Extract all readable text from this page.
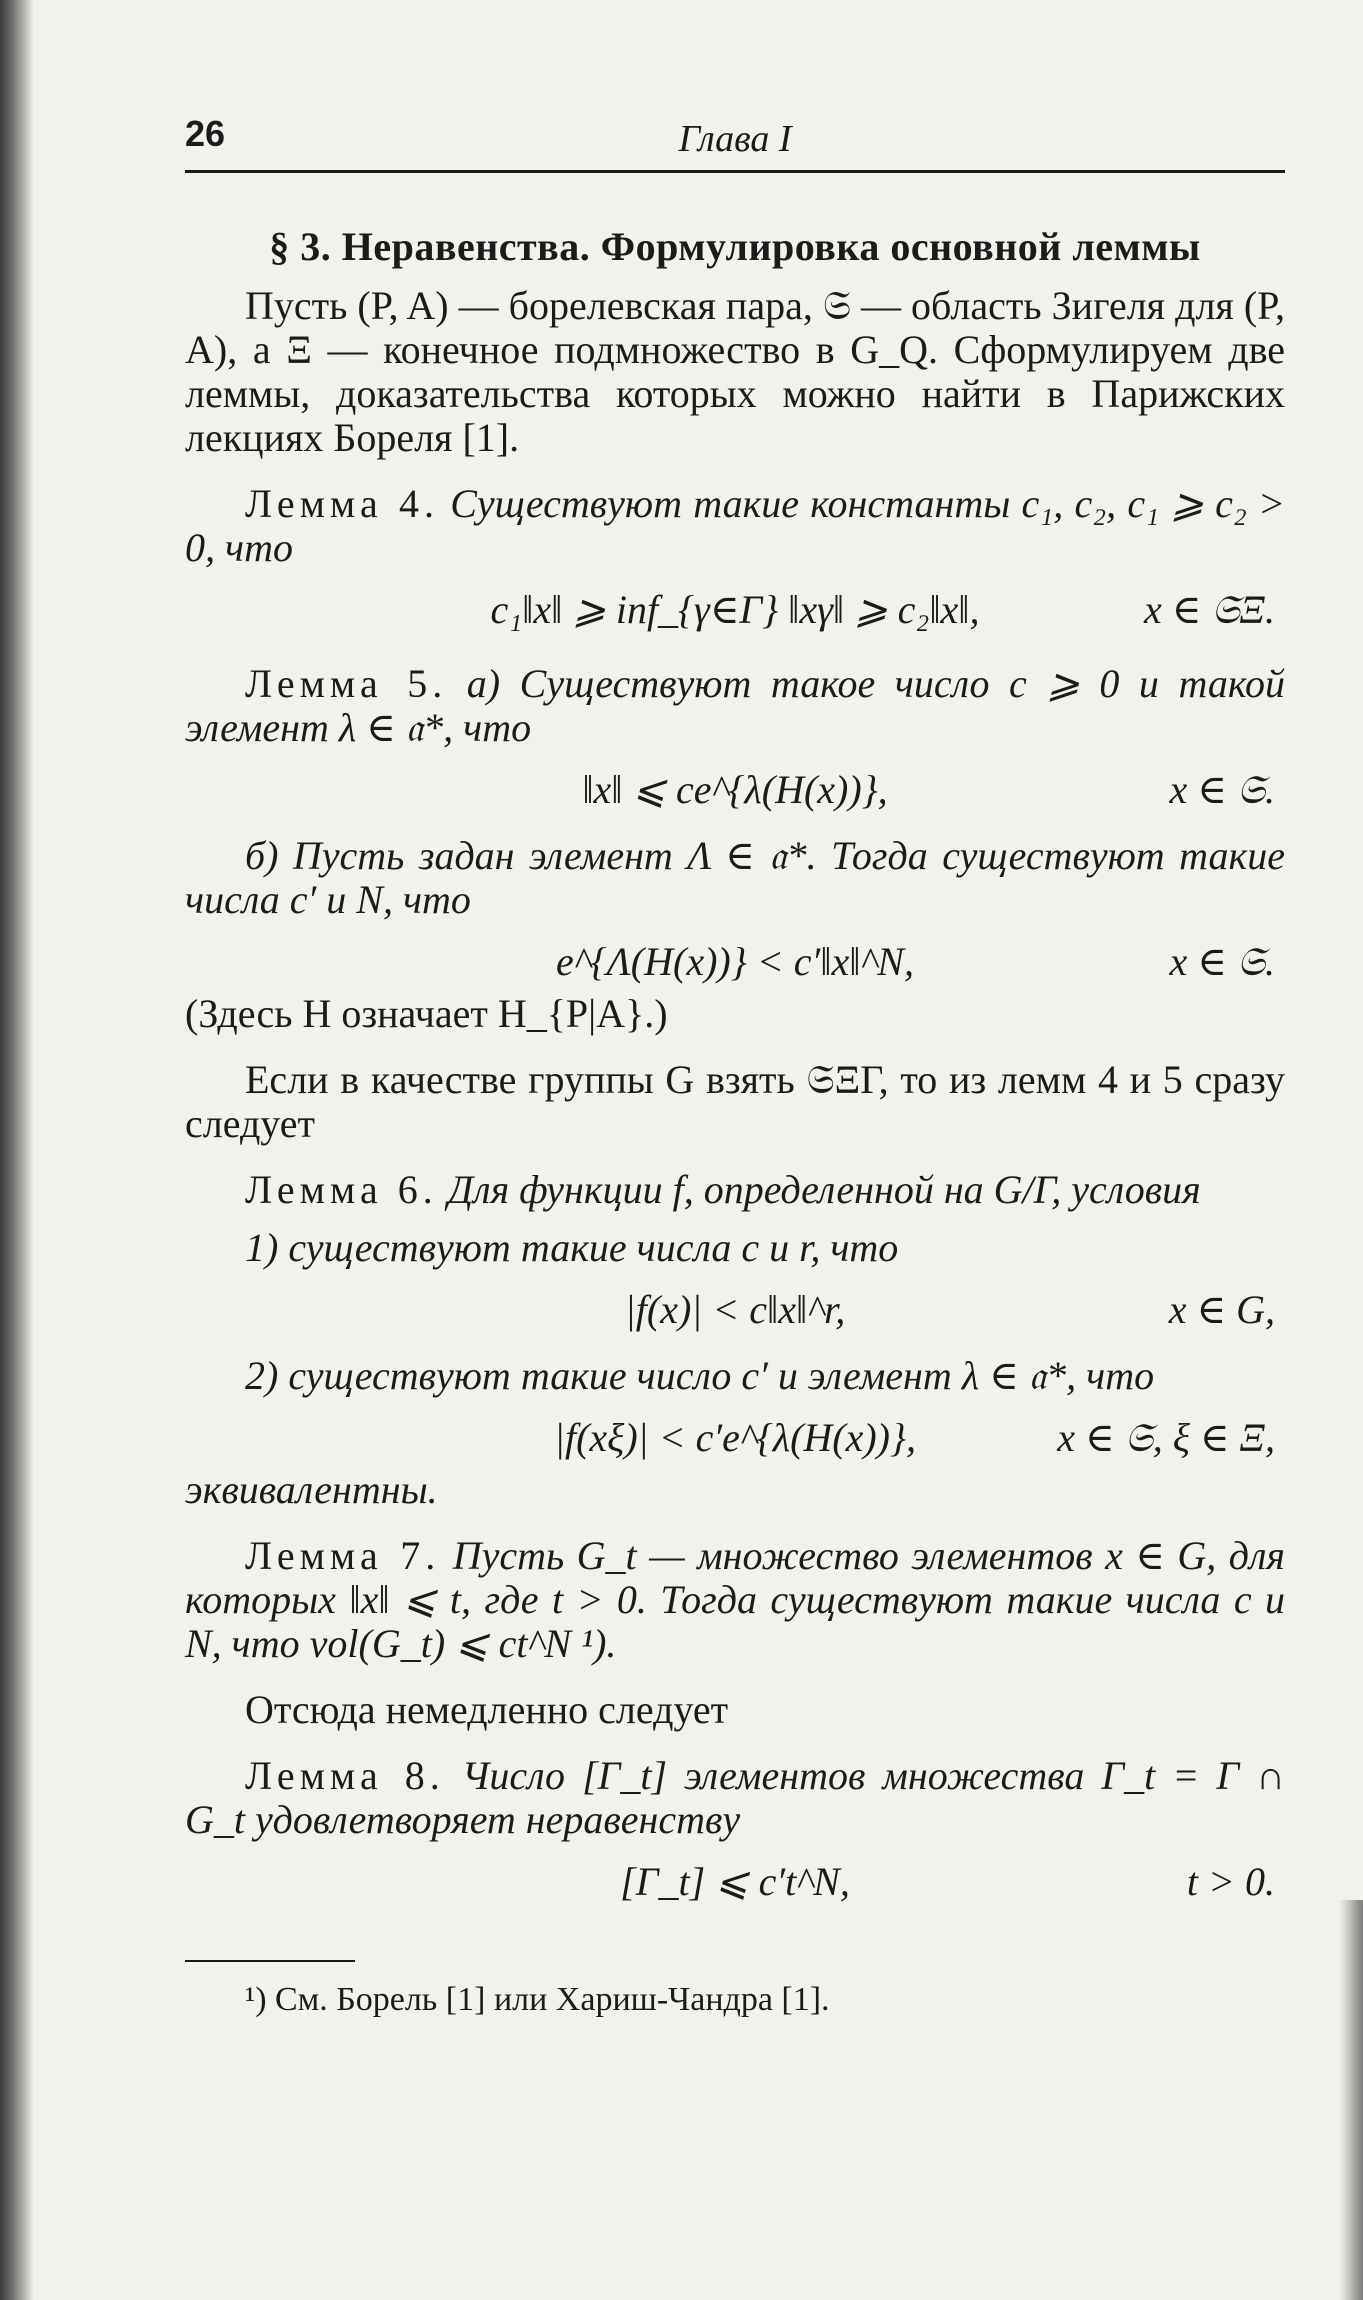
26	Глава I
§ 3. Неравенства. Формулировка основной леммы

Пусть (P, A) — борелевская пара, 𝔖 — область Зигеля для (P, A), а Ξ — конечное подмножество в G_Q. Сформулируем две леммы, доказательства которых можно найти в Парижских лекциях Бореля [1].

Лемма 4. Существуют такие константы c₁, c₂, c₁ ⩾ c₂ > 0, что

c₁‖x‖ ⩾ inf_{γ∈Γ} ‖xγ‖ ⩾ c₂‖x‖,	x ∈ 𝔖Ξ.

Лемма 5. а) Существуют такое число c ⩾ 0 и такой элемент λ ∈ 𝔞*, что

‖x‖ ⩽ ce^{λ(H(x))},	x ∈ 𝔖.

б) Пусть задан элемент Λ ∈ 𝔞*. Тогда существуют такие числа c′ и N, что

e^{Λ(H(x))} < c′‖x‖^N,	x ∈ 𝔖.

(Здесь H означает H_{P|A}.)

Если в качестве группы G взять 𝔖ΞΓ, то из лемм 4 и 5 сразу следует

Лемма 6. Для функции f, определенной на G/Γ, условия

1) существуют такие числа c и r, что

|f(x)| < c‖x‖^r,	x ∈ G,

2) существуют такие число c′ и элемент λ ∈ 𝔞*, что

|f(xξ)| < c′e^{λ(H(x))},	x ∈ 𝔖, ξ ∈ Ξ,

эквивалентны.

Лемма 7. Пусть G_t — множество элементов x ∈ G, для которых ‖x‖ ⩽ t, где t > 0. Тогда существуют такие числа c и N, что vol(G_t) ⩽ ct^N ¹).

Отсюда немедленно следует

Лемма 8. Число [Γ_t] элементов множества Γ_t = Γ ∩ G_t удовлетворяет неравенству

[Γ_t] ⩽ c′t^N,	t > 0.

¹) См. Борель [1] или Хариш-Чандра [1].
